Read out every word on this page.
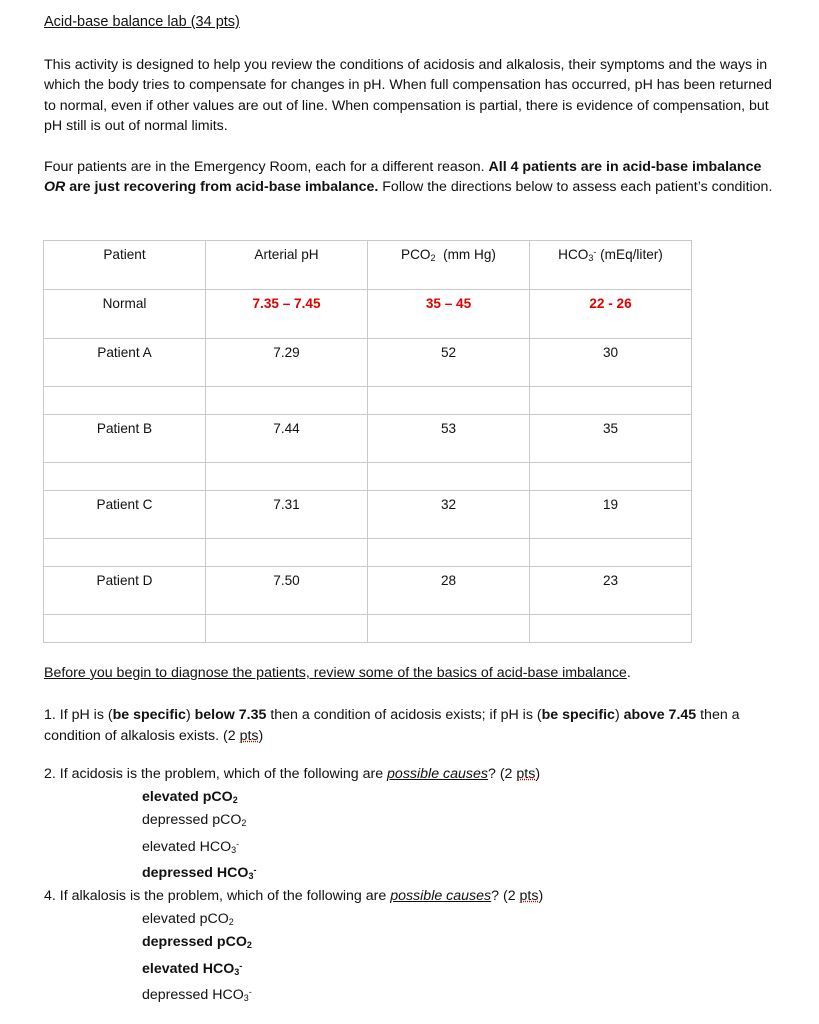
Acid-base balance lab (34 pts)
This activity is designed to help you review the conditions of acidosis and alkalosis, their symptoms and the ways in which the body tries to compensate for changes in pH. When full compensation has occurred, pH has been returned to normal, even if other values are out of line. When compensation is partial, there is evidence of compensation, but pH still is out of normal limits.
Four patients are in the Emergency Room, each for a different reason. All 4 patients are in acid-base imbalance OR are just recovering from acid-base imbalance. Follow the directions below to assess each patient’s condition.
Patient	Arterial pH	$PCO_2$  (mm Hg)	$HCO_3^-$ (mEq/liter)
Normal	7.35 – 7.45	35 – 45	22 - 26
Patient A	7.29	52	30

Patient B	7.44	53	35

Patient C	7.31	32	19

Patient D	7.50	28	23

Before you begin to diagnose the patients, review some of the basics of acid-base imbalance.
1. If pH is (be specific) below 7.35 then a condition of acidosis exists; if pH is (be specific) above 7.45 then a condition of alkalosis exists. (2 pts)
2. If acidosis is the problem, which of the following are possible causes? (2 pts)
elevated pCO$_2$
depressed pCO$_2$
elevated $HCO_3^-$
depressed $HCO_3^-$
4. If alkalosis is the problem, which of the following are possible causes? (2 pts)
elevated pCO$_2$
depressed pCO$_2$
elevated $HCO_3^-$
depressed $HCO_3^-$
